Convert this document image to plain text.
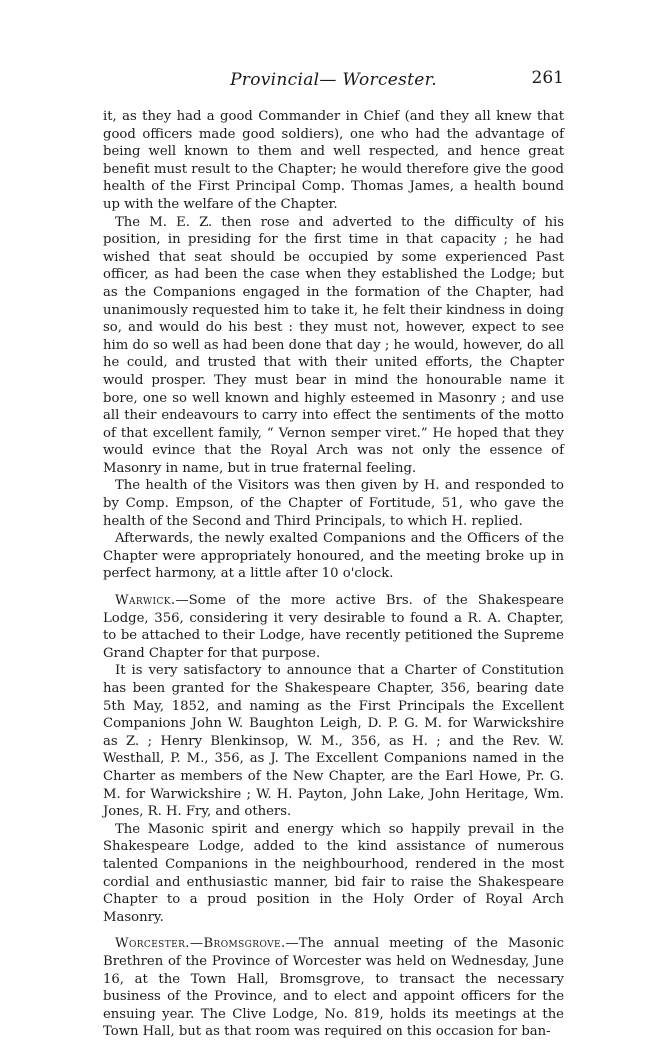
Provincial— Worcester.	261

it, as they had a good Commander in Chief (and they all knew that good officers made good soldiers), one who had the advantage of being well known to them and well respected, and hence great benefit must result to the Chapter; he would therefore give the good health of the First Principal Comp. Thomas James, a health bound up with the welfare of the Chapter.

The M. E. Z. then rose and adverted to the difficulty of his position, in presiding for the first time in that capacity ; he had wished that seat should be occupied by some experienced Past officer, as had been the case when they established the Lodge; but as the Companions engaged in the formation of the Chapter, had unanimously requested him to take it, he felt their kindness in doing so, and would do his best : they must not, however, expect to see him do so well as had been done that day ; he would, however, do all he could, and trusted that with their united efforts, the Chapter would prosper. They must bear in mind the honourable name it bore, one so well known and highly esteemed in Masonry ; and use all their endeavours to carry into effect the sentiments of the motto of that excellent family, “ Vernon semper viret.” He hoped that they would evince that the Royal Arch was not only the essence of Masonry in name, but in true fraternal feeling.

The health of the Visitors was then given by H. and responded to by Comp. Empson, of the Chapter of Fortitude, 51, who gave the health of the Second and Third Principals, to which H. replied.

Afterwards, the newly exalted Companions and the Officers of the Chapter were appropriately honoured, and the meeting broke up in perfect harmony, at a little after 10 o'clock.

Warwick.—Some of the more active Brs. of the Shakespeare Lodge, 356, considering it very desirable to found a R. A. Chapter, to be attached to their Lodge, have recently petitioned the Supreme Grand Chapter for that purpose.

It is very satisfactory to announce that a Charter of Constitution has been granted for the Shakespeare Chapter, 356, bearing date 5th May, 1852, and naming as the First Principals the Excellent Companions John W. Baughton Leigh, D. P. G. M. for Warwickshire as Z. ; Henry Blenkinsop, W. M., 356, as H. ; and the Rev. W. Westhall, P. M., 356, as J. The Excellent Companions named in the Charter as members of the New Chapter, are the Earl Howe, Pr. G. M. for Warwickshire ; W. H. Payton, John Lake, John Heritage, Wm. Jones, R. H. Fry, and others.

The Masonic spirit and energy which so happily prevail in the Shakespeare Lodge, added to the kind assistance of numerous talented Companions in the neighbourhood, rendered in the most cordial and enthusiastic manner, bid fair to raise the Shakespeare Chapter to a proud position in the Holy Order of Royal Arch Masonry.

Worcester.—Bromsgrove.—The annual meeting of the Masonic Brethren of the Province of Worcester was held on Wednesday, June 16, at the Town Hall, Bromsgrove, to transact the necessary business of the Province, and to elect and appoint officers for the ensuing year. The Clive Lodge, No. 819, holds its meetings at the Town Hall, but as that room was required on this occasion for ban-
